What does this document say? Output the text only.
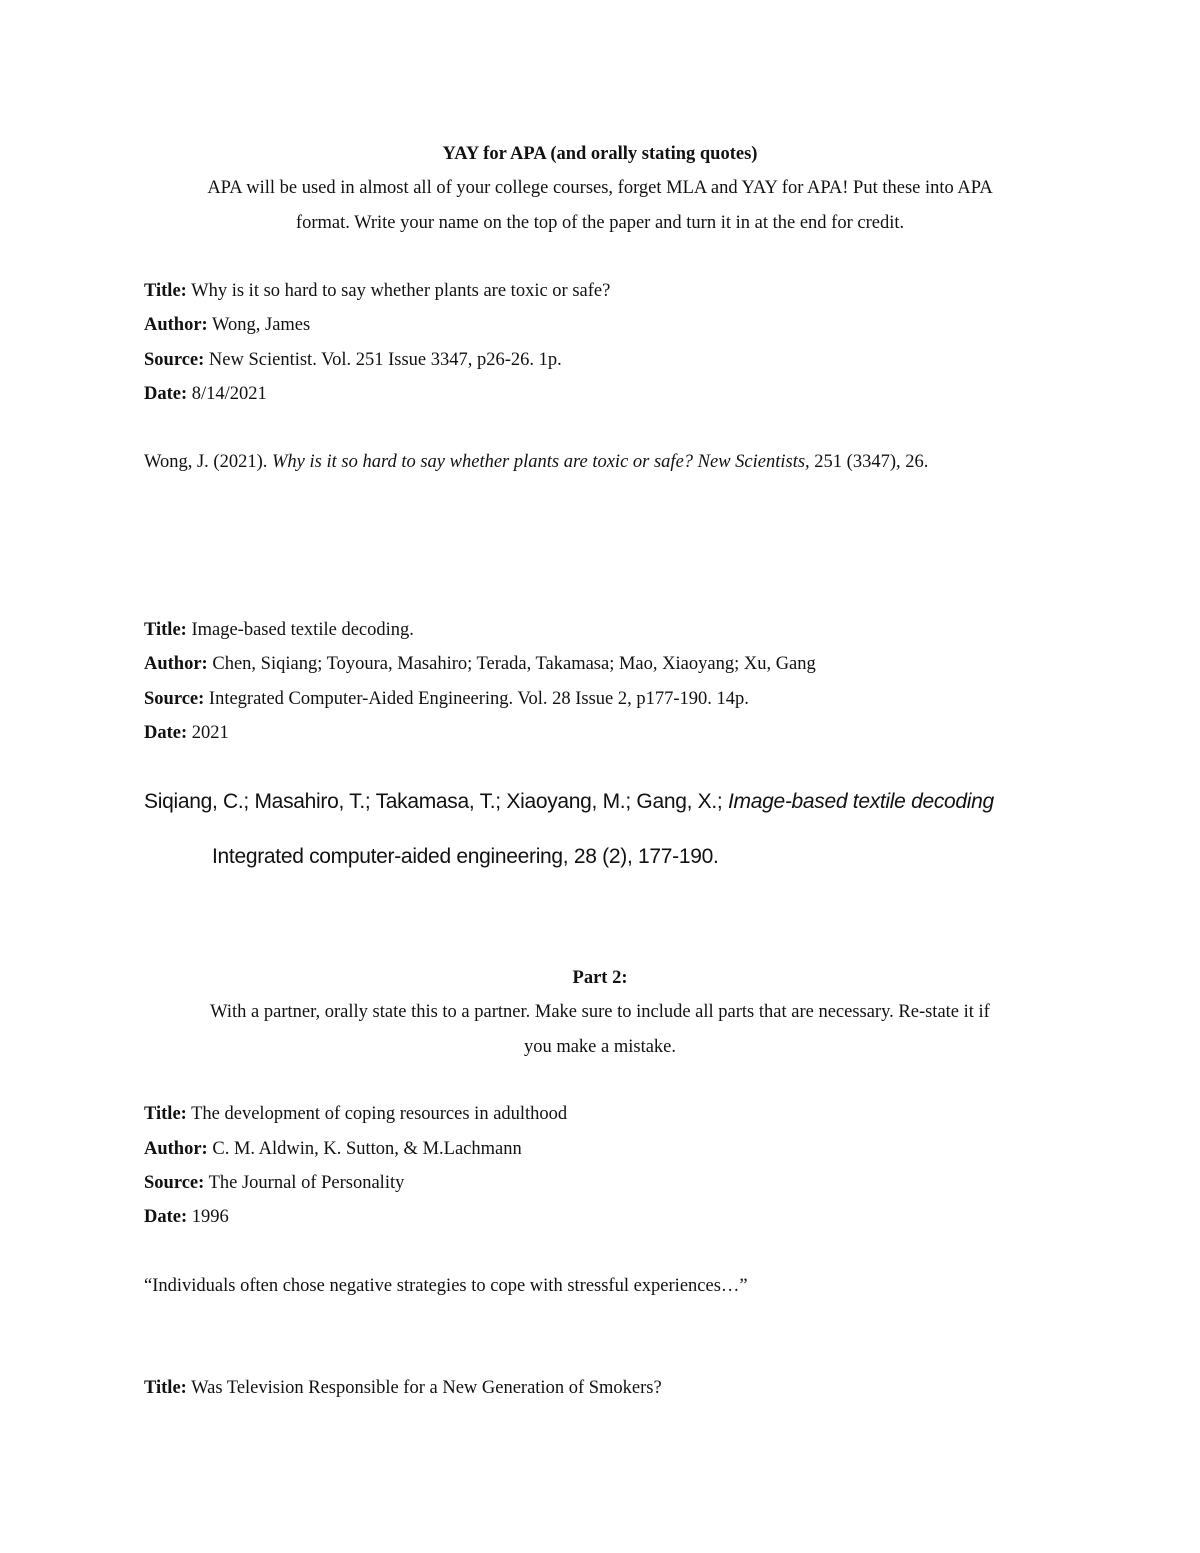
YAY for APA (and orally stating quotes)
APA will be used in almost all of your college courses, forget MLA and YAY for APA! Put these into APA
format. Write your name on the top of the paper and turn it in at the end for credit.
Title: Why is it so hard to say whether plants are toxic or safe?
Author: Wong, James
Source: New Scientist. Vol. 251 Issue 3347, p26-26. 1p.
Date: 8/14/2021
Wong, J. (2021). Why is it so hard to say whether plants are toxic or safe? New Scientists, 251 (3347), 26.
Title: Image-based textile decoding.
Author: Chen, Siqiang; Toyoura, Masahiro; Terada, Takamasa; Mao, Xiaoyang; Xu, Gang
Source: Integrated Computer-Aided Engineering. Vol. 28 Issue 2, p177-190. 14p.
Date: 2021
Siqiang, C.; Masahiro, T.; Takamasa, T.; Xiaoyang, M.; Gang, X.; Image-based textile decoding
Integrated computer-aided engineering, 28 (2), 177-190.
Part 2:
With a partner, orally state this to a partner. Make sure to include all parts that are necessary. Re-state it if
you make a mistake.
Title: The development of coping resources in adulthood
Author: C. M. Aldwin, K. Sutton, & M.Lachmann
Source: The Journal of Personality
Date: 1996
“Individuals often chose negative strategies to cope with stressful experiences…”
Title: Was Television Responsible for a New Generation of Smokers?
